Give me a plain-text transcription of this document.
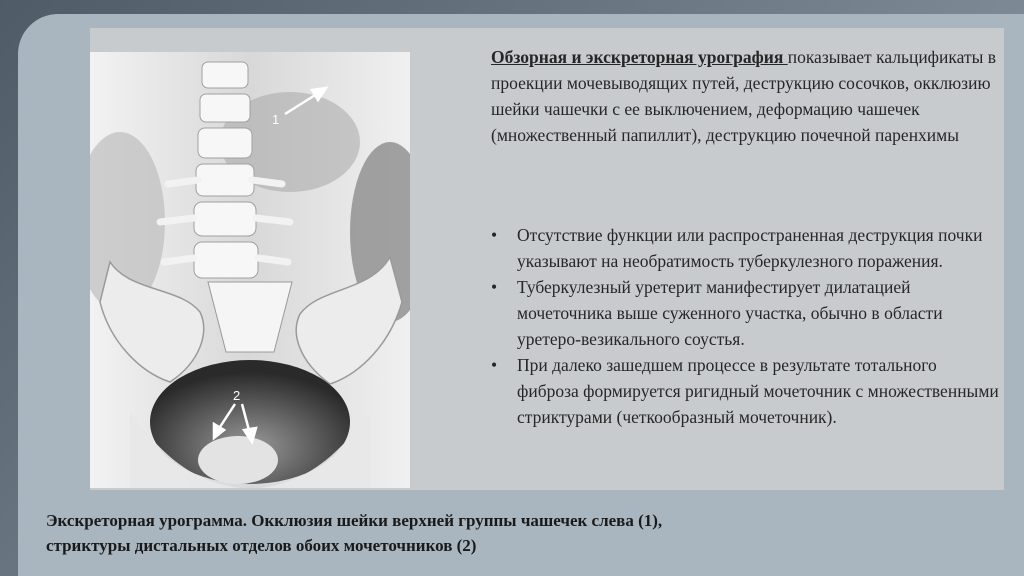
1
2
Обзорная и экскреторная урография показывает кальцификаты в проекции мочевыводящих путей, деструкцию сосочков, окклюзию шейки чашечки с ее выключением, деформацию чашечек (множественный папиллит), деструкцию почечной паренхимы
• Отсутствие функции или распространенная деструкция почки указывают на необратимость туберкулезного поражения.
• Туберкулезный уретерит манифестирует дилатацией мочеточника выше суженного участка, обычно в области уретеро-везикального соустья.
• При далеко зашедшем процессе в результате тотального фиброза формируется ригидный мочеточник с множественными стриктурами (четкообразный мочеточник).
Экскреторная урограмма. Окклюзия шейки верхней группы чашечек слева (1),
стриктуры дистальных отделов обоих мочеточников (2)
